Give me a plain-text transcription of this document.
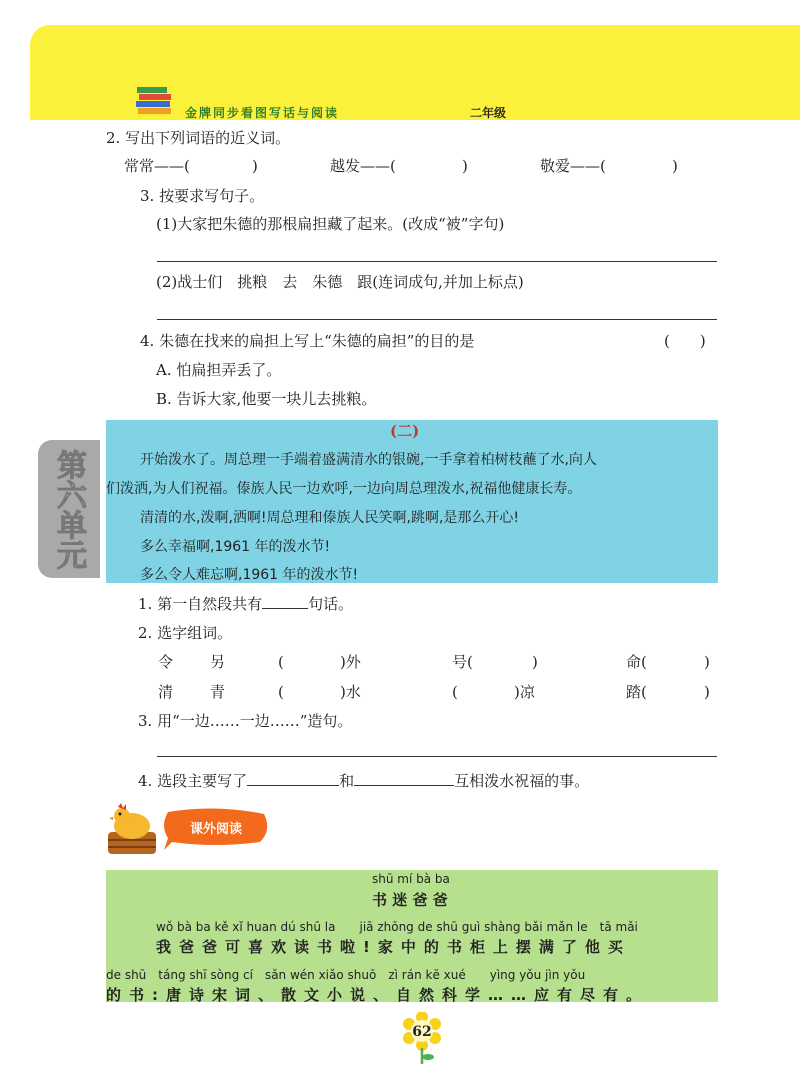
金牌同步看图写话与阅读	二年级
第六单元
2. 写出下列词语的近义词。
常常——(	)	越发——(	)	敬爱——(	)
3. 按要求写句子。
(1)大家把朱德的那根扁担藏了起来。(改成“被”字句)
(2)战士们　挑粮　去　朱德　跟(连词成句,并加上标点)
4. 朱德在找来的扁担上写上“朱德的扁担”的目的是	(　　)
A. 怕扁担弄丢了。
B. 告诉大家,他要一块儿去挑粮。
(二)
开始泼水了。周总理一手端着盛满清水的银碗,一手拿着柏树枝蘸了水,向人
们泼洒,为人们祝福。傣族人民一边欢呼,一边向周总理泼水,祝福他健康长寿。
清清的水,泼啊,洒啊!周总理和傣族人民笑啊,跳啊,是那么开心!
多么幸福啊,1961 年的泼水节!
多么令人难忘啊,1961 年的泼水节!
1. 第一自然段共有	句话。
2. 选字组词。
令 另	(	)外	号(	)	命(	)
清 青	(	)水	(	)凉	踏(	)
3. 用“一边……一边……”造句。
4. 选段主要写了	和	互相泼水祝福的事。
课外阅读
shū mí bà ba
书 迷 爸 爸
wǒ bà ba kě xǐ huan dú shū la　　jiā zhōng de shū guì shàng bǎi mǎn le　tā mǎi
我爸爸可喜欢读书啦!家中的书柜上摆满了他买
de shū　táng shī sòng cí　sǎn wén xiǎo shuō　zì rán kē xué　　yìng yǒu jìn yǒu
的书:唐诗宋词、散文小说、自然科学……应有尽有。
62
